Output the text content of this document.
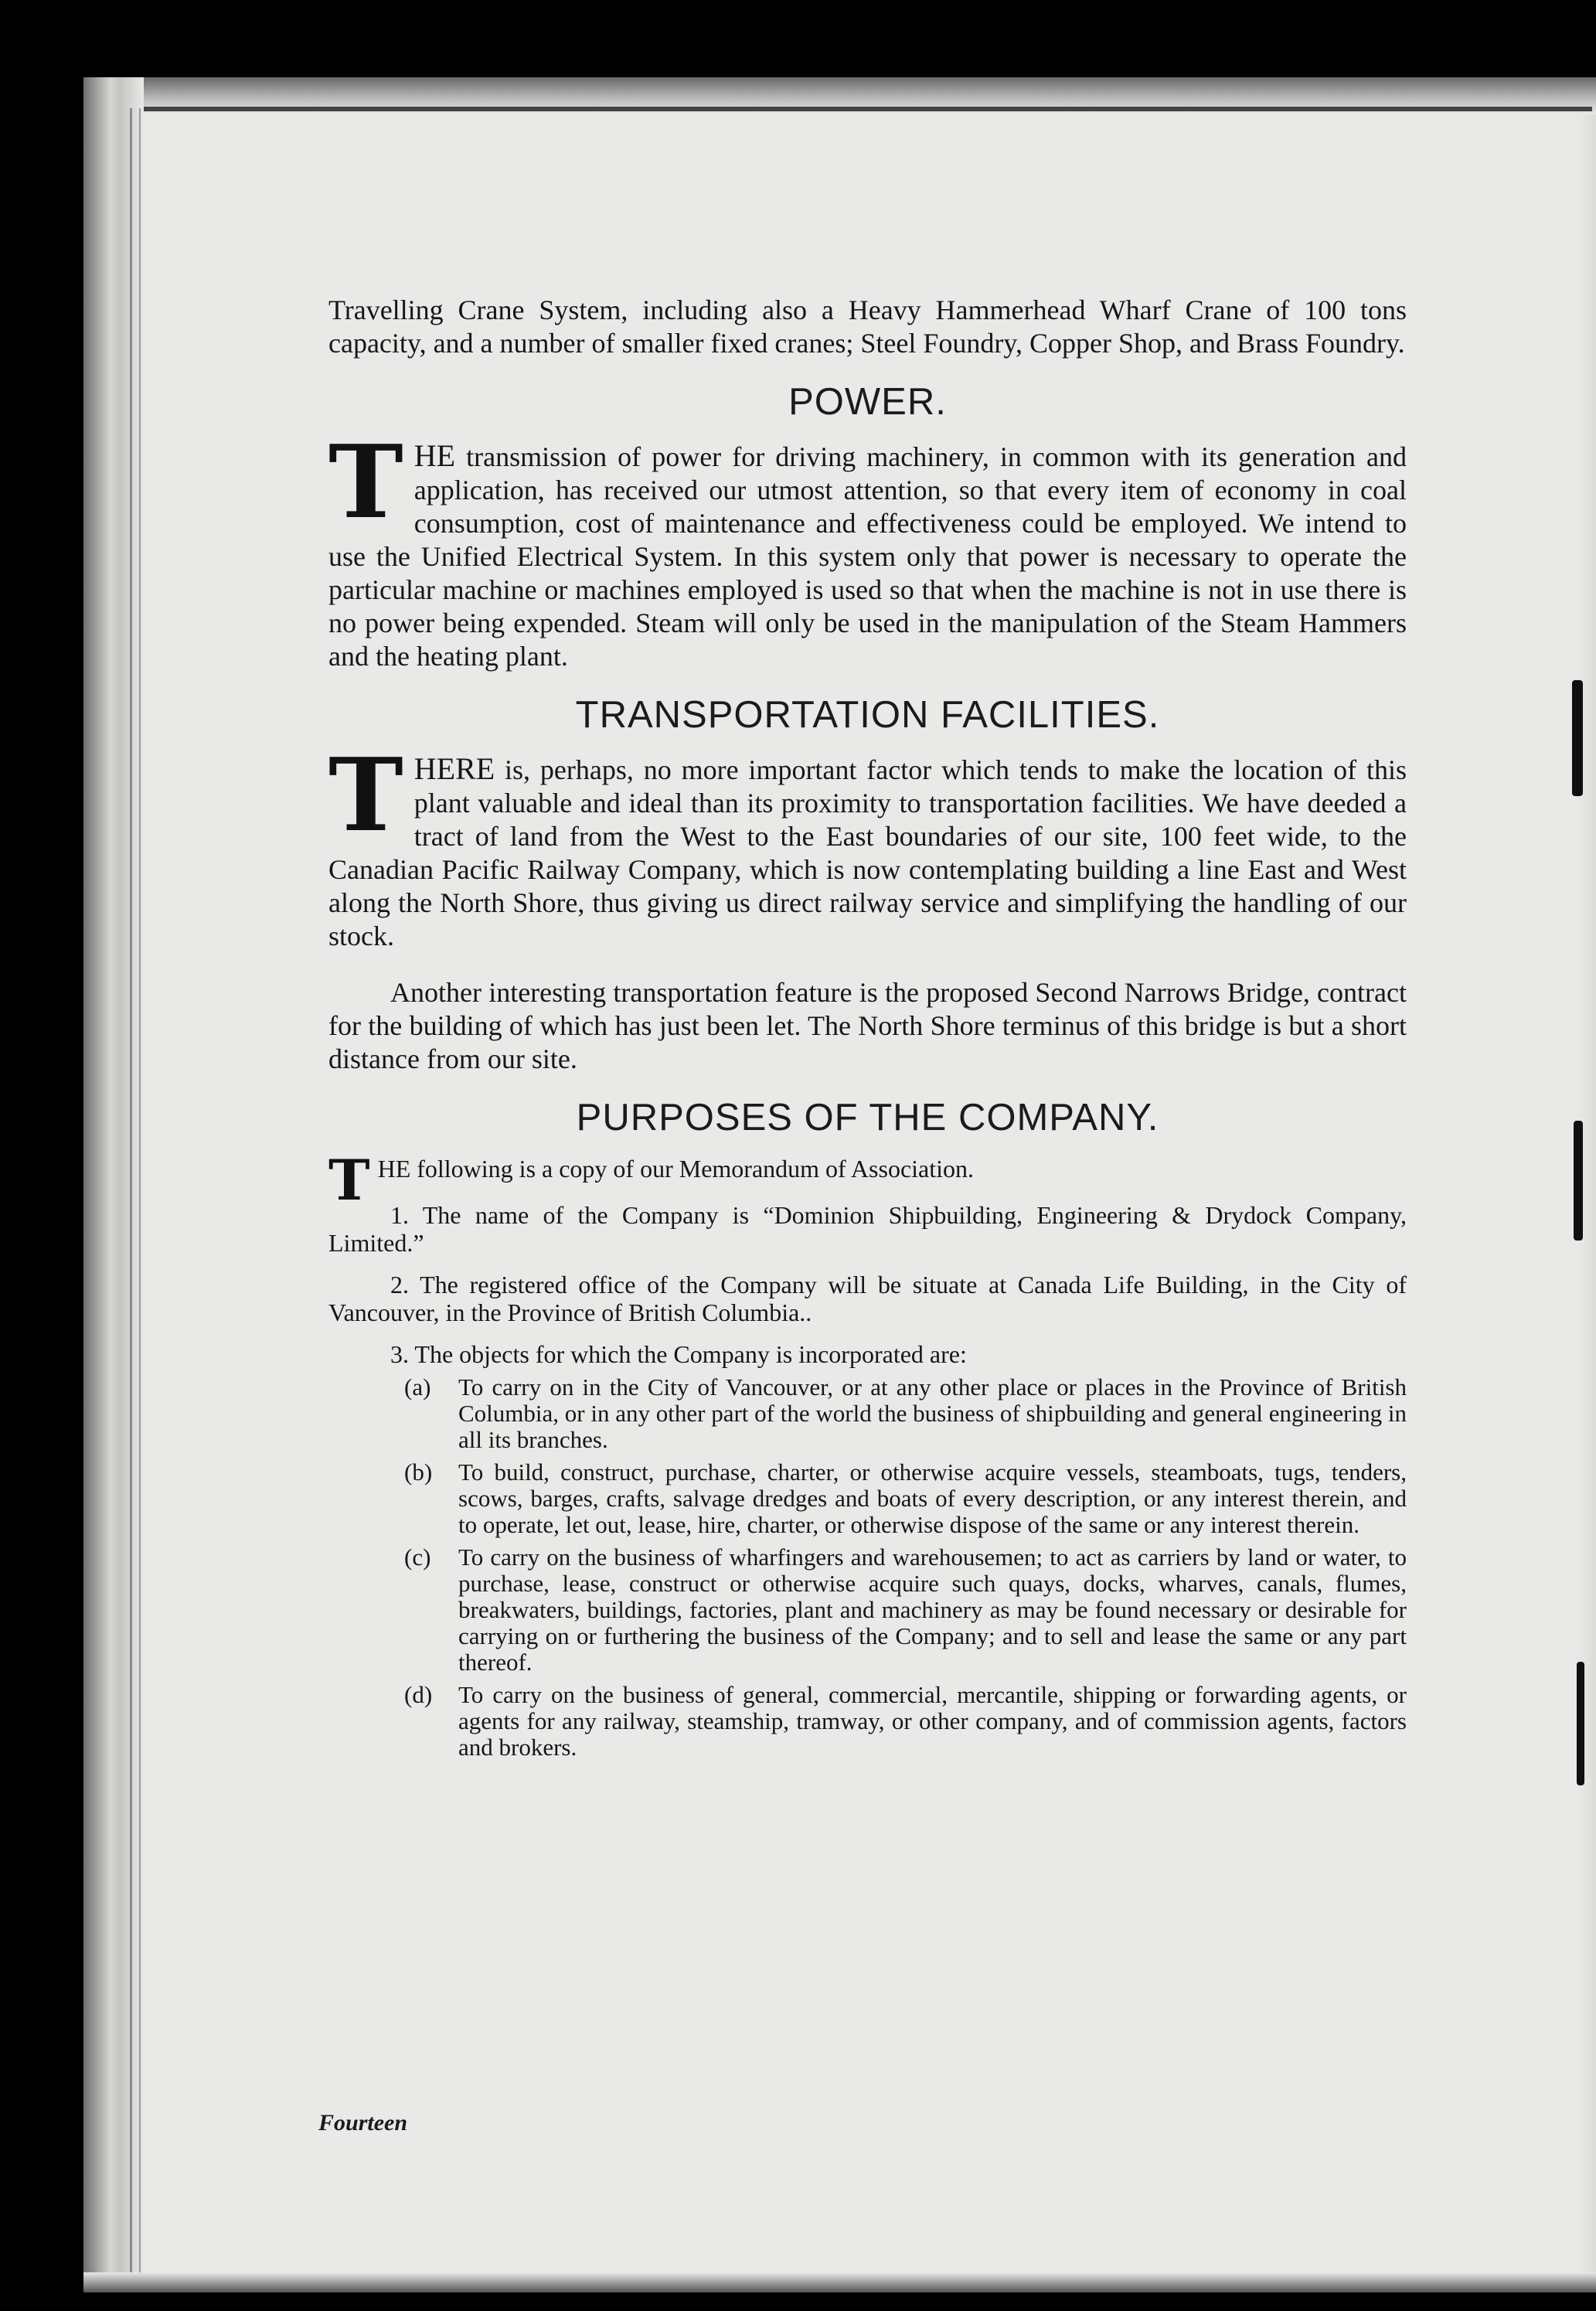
Travelling Crane System, including also a Heavy Hammerhead Wharf Crane of 100 tons capacity, and a number of smaller fixed cranes; Steel Foundry, Copper Shop, and Brass Foundry.

POWER.

THE transmission of power for driving machinery, in common with its generation and application, has received our utmost attention, so that every item of economy in coal consumption, cost of maintenance and effectiveness could be employed. We intend to use the Unified Electrical System. In this system only that power is necessary to operate the particular machine or machines employed is used so that when the machine is not in use there is no power being expended. Steam will only be used in the manipulation of the Steam Hammers and the heating plant.

TRANSPORTATION FACILITIES.

THERE is, perhaps, no more important factor which tends to make the location of this plant valuable and ideal than its proximity to transportation facilities. We have deeded a tract of land from the West to the East boundaries of our site, 100 feet wide, to the Canadian Pacific Railway Company, which is now contemplating building a line East and West along the North Shore, thus giving us direct railway service and simplifying the handling of our stock.

Another interesting transportation feature is the proposed Second Narrows Bridge, contract for the building of which has just been let. The North Shore terminus of this bridge is but a short distance from our site.

PURPOSES OF THE COMPANY.

THE following is a copy of our Memorandum of Association.

1. The name of the Company is “Dominion Shipbuilding, Engineering & Drydock Company, Limited.”

2. The registered office of the Company will be situate at Canada Life Building, in the City of Vancouver, in the Province of British Columbia..

3. The objects for which the Company is incorporated are:

(a)	To carry on in the City of Vancouver, or at any other place or places in the Province of British Columbia, or in any other part of the world the business of shipbuilding and general engineering in all its branches.
(b)	To build, construct, purchase, charter, or otherwise acquire vessels, steamboats, tugs, tenders, scows, barges, crafts, salvage dredges and boats of every description, or any interest therein, and to operate, let out, lease, hire, charter, or otherwise dispose of the same or any interest therein.
(c)	To carry on the business of wharfingers and warehousemen; to act as carriers by land or water, to purchase, lease, construct or otherwise acquire such quays, docks, wharves, canals, flumes, breakwaters, buildings, factories, plant and machinery as may be found necessary or desirable for carrying on or furthering the business of the Company; and to sell and lease the same or any part thereof.
(d)	To carry on the business of general, commercial, mercantile, shipping or forwarding agents, or agents for any railway, steamship, tramway, or other company, and of commission agents, factors and brokers.
Fourteen
